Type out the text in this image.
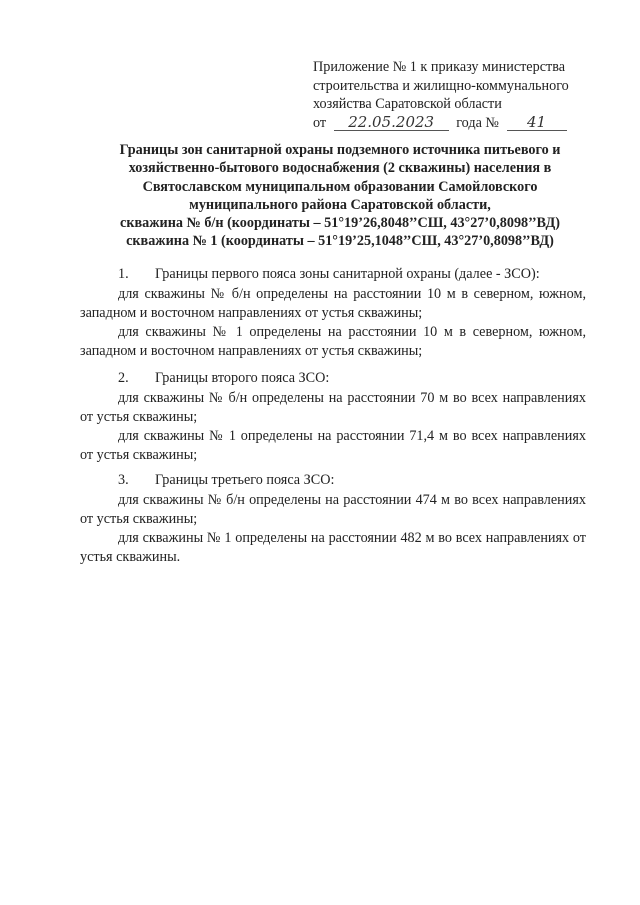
Приложение № 1 к приказу министерства
строительства и жилищно-коммунального
хозяйства Саратовской области
от 22.05.2023 года № 41
Границы зон санитарной охраны подземного источника питьевого и
хозяйственно-бытового водоснабжения (2 скважины) населения в
Святославском муниципальном образовании Самойловского
муниципального района Саратовской области,
скважина № б/н (координаты – 51°19’26,8048’’СШ, 43°27’0,8098’’ВД)
скважина № 1 (координаты – 51°19’25,1048’’СШ, 43°27’0,8098’’ВД)
1. Границы первого пояса зоны санитарной охраны (далее - ЗСО):

для скважины № б/н определены на расстоянии 10 м в северном, южном, западном и восточном направлениях от устья скважины;

для скважины № 1 определены на расстоянии 10 м в северном, южном, западном и восточном направлениях от устья скважины;

2. Границы второго пояса ЗСО:

для скважины № б/н определены на расстоянии 70 м во всех направлениях от устья скважины;

для скважины № 1 определены на расстоянии 71,4 м во всех направлениях от устья скважины;

3. Границы третьего пояса ЗСО:

для скважины № б/н определены на расстоянии 474 м во всех направлениях от устья скважины;

для скважины № 1 определены на расстоянии 482 м во всех направлениях от устья скважины.
